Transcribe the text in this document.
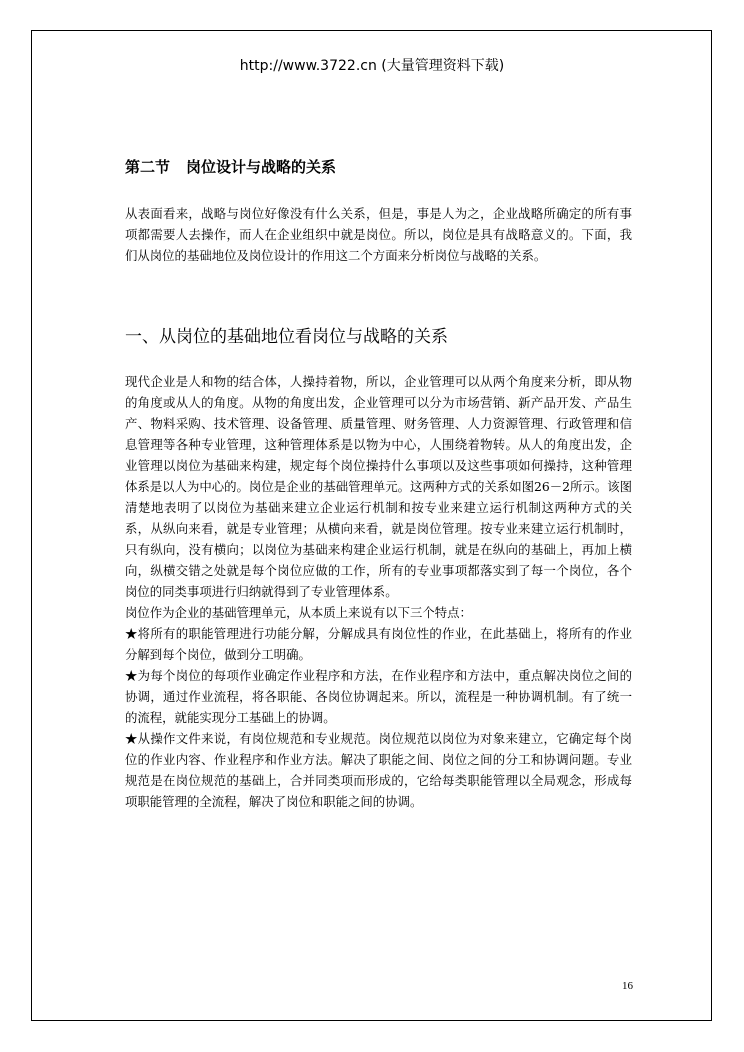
http://www.3722.cn (大量管理资料下载)
第二节 岗位设计与战略的关系

从表面看来，战略与岗位好像没有什么关系，但是，事是人为之，企业战略所确定的所有事项都需要人去操作，而人在企业组织中就是岗位。所以，岗位是具有战略意义的。下面，我们从岗位的基础地位及岗位设计的作用这二个方面来分析岗位与战略的关系。

一、从岗位的基础地位看岗位与战略的关系

现代企业是人和物的结合体，人操持着物，所以，企业管理可以从两个角度来分析，即从物的角度或从人的角度。从物的角度出发，企业管理可以分为市场营销、新产品开发、产品生产、物料采购、技术管理、设备管理、质量管理、财务管理、人力资源管理、行政管理和信息管理等各种专业管理，这种管理体系是以物为中心，人围绕着物转。从人的角度出发，企业管理以岗位为基础来构建，规定每个岗位操持什么事项以及这些事项如何操持，这种管理体系是以人为中心的。岗位是企业的基础管理单元。这两种方式的关系如图26－2所示。该图清楚地表明了以岗位为基础来建立企业运行机制和按专业来建立运行机制这两种方式的关系，从纵向来看，就是专业管理；从横向来看，就是岗位管理。按专业来建立运行机制时，只有纵向，没有横向；以岗位为基础来构建企业运行机制，就是在纵向的基础上，再加上横向，纵横交错之处就是每个岗位应做的工作，所有的专业事项都落实到了每一个岗位，各个岗位的同类事项进行归纳就得到了专业管理体系。

岗位作为企业的基础管理单元，从本质上来说有以下三个特点：

★将所有的职能管理进行功能分解，分解成具有岗位性的作业，在此基础上，将所有的作业分解到每个岗位，做到分工明确。

★为每个岗位的每项作业确定作业程序和方法，在作业程序和方法中，重点解决岗位之间的协调，通过作业流程，将各职能、各岗位协调起来。所以，流程是一种协调机制。有了统一的流程，就能实现分工基础上的协调。

★从操作文件来说，有岗位规范和专业规范。岗位规范以岗位为对象来建立，它确定每个岗位的作业内容、作业程序和作业方法。解决了职能之间、岗位之间的分工和协调问题。专业规范是在岗位规范的基础上，合并同类项而形成的，它给每类职能管理以全局观念，形成每项职能管理的全流程，解决了岗位和职能之间的协调。

16
